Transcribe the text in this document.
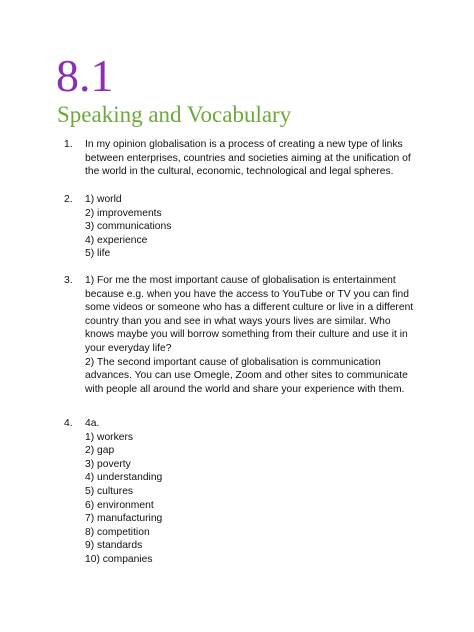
8.1
Speaking and Vocabulary
1. In my opinion globalisation is a process of creating a new type of links
between enterprises, countries and societies aiming at the unification of
the world in the cultural, economic, technological and legal spheres.
2. 1) world
2) improvements
3) communications
4) experience
5) life
3. 1) For me the most important cause of globalisation is entertainment
because e.g. when you have the access to YouTube or TV you can find
some videos or someone who has a different culture or live in a different
country than you and see in what ways yours lives are similar. Who
knows maybe you will borrow something from their culture and use it in
your everyday life?
2) The second important cause of globalisation is communication
advances. You can use Omegle, Zoom and other sites to communicate
with people all around the world and share your experience with them.
4. 4a.
1) workers
2) gap
3) poverty
4) understanding
5) cultures
6) environment
7) manufacturing
8) competition
9) standards
10) companies
